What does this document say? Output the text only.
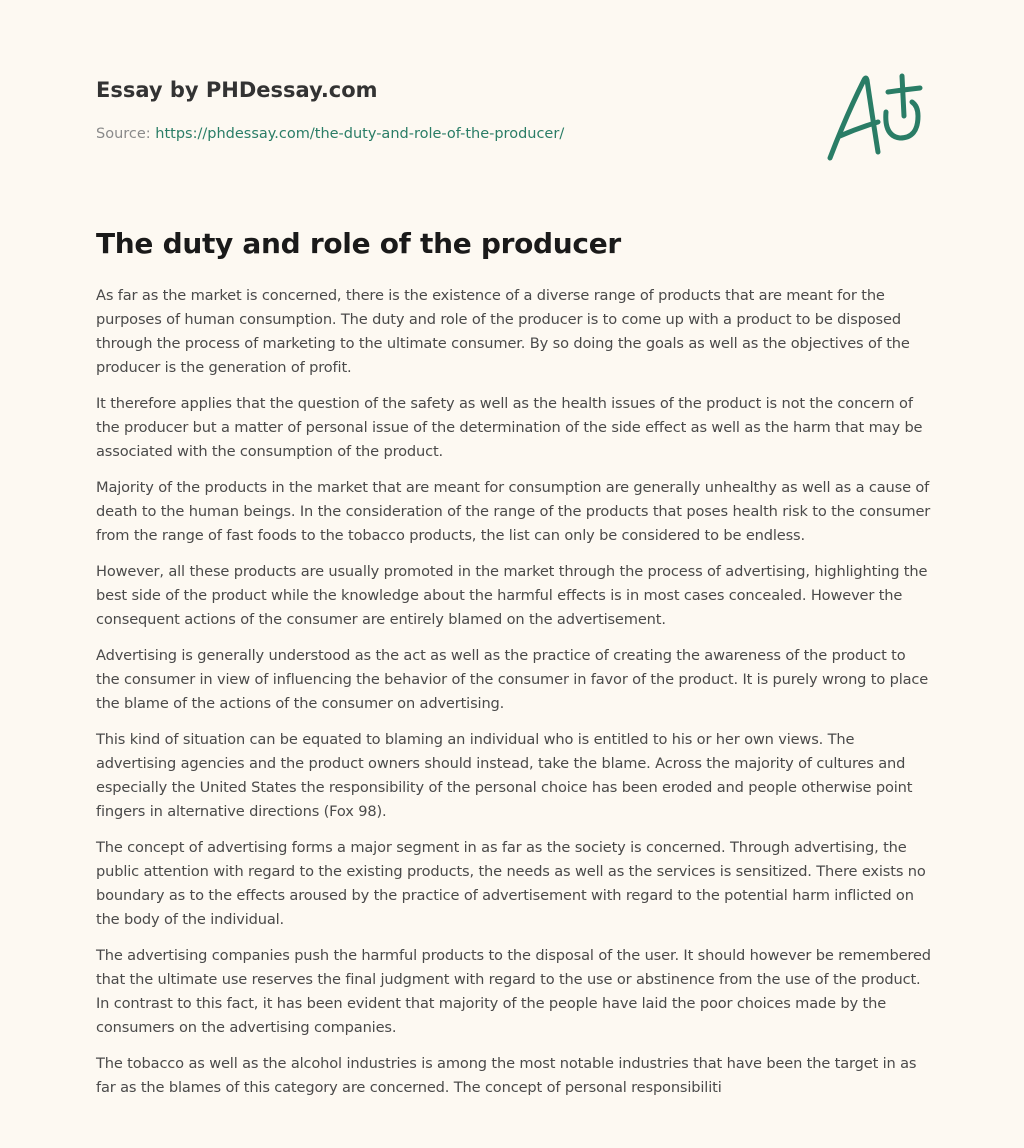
Essay by PHDessay.com
Source: https://phdessay.com/the-duty-and-role-of-the-producer/
The duty and role of the producer

As far as the market is concerned, there is the existence of a diverse range of products that are meant for the purposes of human consumption. The duty and role of the producer is to come up with a product to be disposed through the process of marketing to the ultimate consumer. By so doing the goals as well as the objectives of the producer is the generation of profit.

It therefore applies that the question of the safety as well as the health issues of the product is not the concern of the producer but a matter of personal issue of the determination of the side effect as well as the harm that may be associated with the consumption of the product.

Majority of the products in the market that are meant for consumption are generally unhealthy as well as a cause of death to the human beings. In the consideration of the range of the products that poses health risk to the consumer from the range of fast foods to the tobacco products, the list can only be considered to be endless.

However, all these products are usually promoted in the market through the process of advertising, highlighting the best side of the product while the knowledge about the harmful effects is in most cases concealed. However the consequent actions of the consumer are entirely blamed on the advertisement.

Advertising is generally understood as the act as well as the practice of creating the awareness of the product to the consumer in view of influencing the behavior of the consumer in favor of the product. It is purely wrong to place the blame of the actions of the consumer on advertising.

This kind of situation can be equated to blaming an individual who is entitled to his or her own views. The advertising agencies and the product owners should instead, take the blame. Across the majority of cultures and especially the United States the responsibility of the personal choice has been eroded and people otherwise point fingers in alternative directions (Fox 98).

The concept of advertising forms a major segment in as far as the society is concerned. Through advertising, the public attention with regard to the existing products, the needs as well as the services is sensitized. There exists no boundary as to the effects aroused by the practice of advertisement with regard to the potential harm inflicted on the body of the individual.

The advertising companies push the harmful products to the disposal of the user. It should however be remembered that the ultimate use reserves the final judgment with regard to the use or abstinence from the use of the product. In contrast to this fact, it has been evident that majority of the people have laid the poor choices made by the consumers on the advertising companies.

The tobacco as well as the alcohol industries is among the most notable industries that have been the target in as far as the blames of this category are concerned. The concept of personal responsibiliti
